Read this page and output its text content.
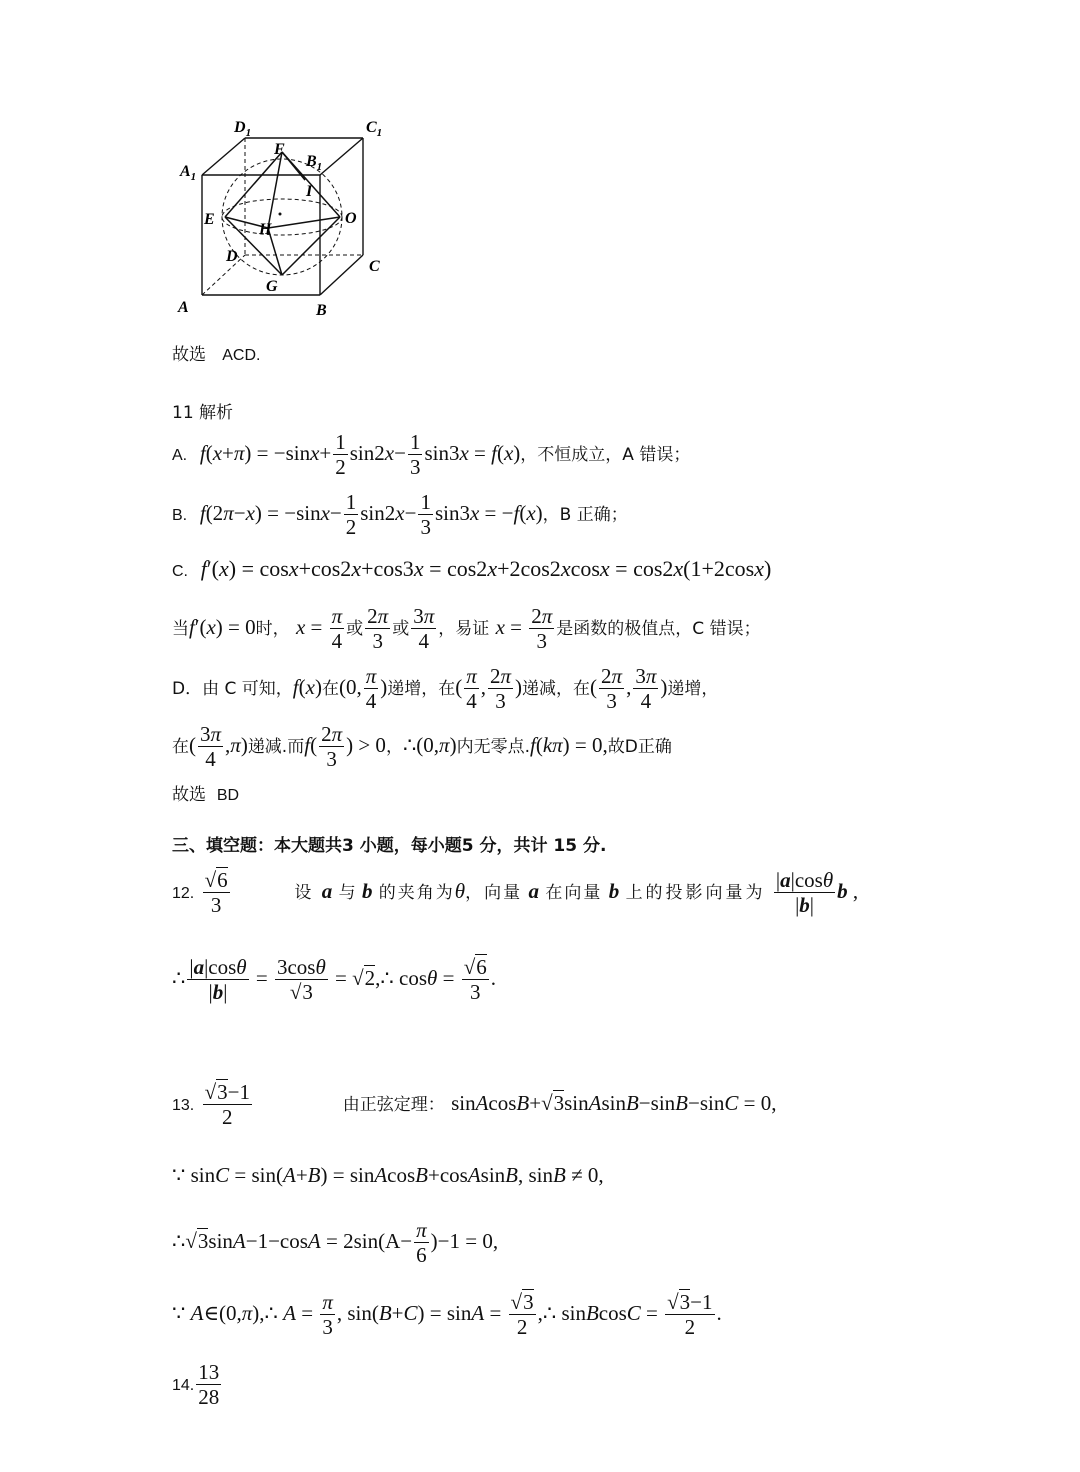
$D_1$	$C_1$
$A_1$
$B_1$
F
I
E	O
H
D
C
G
A	B
故选 ACD.
11 解析
A. $f(x+\pi) = -\sin x+ \frac{1}{2} \sin 2x- \frac{1}{3} \sin 3x = f(x)$，不恒成立，A 错误；
B. $f(2\pi-x) = -\sin x- \frac{1}{2} \sin 2x- \frac{1}{3} \sin 3x = -f(x)$，B 正确；
C. f′(x) = cosx+cos2x+cos3x = cos2x+2cos2xcosx = cos2x(1+2cosx)
当f′(x) = 0时， $x = \frac{\pi}{4}$ 或 $\frac{2\pi}{3}$ 或 $\frac{3\pi}{4}$ ，易证 $x = \frac{2\pi}{3}$ 是函数的极值点，C 错误；
D．由 C 可知，f(x)在(0, $\frac{\pi}{4}$ )递增，在( $\frac{\pi}{4}$ , $\frac{2\pi}{3}$ )递减，在( $\frac{2\pi}{3}$ , $\frac{3\pi}{4}$ )递增，
在( $\frac{3\pi}{4} ,\pi$)递减.而$f( \frac{2\pi}{3}$ ) > 0，∴(0,π)内无零点.f(kπ) = 0,故D正确
故选 BD
三、填空题：本大题共3 小题，每小题5 分，共计 15 分.
12. $\frac{√6}{3}$	设 a 与 b 的夹角为θ，向量 a 在向量 b 上的投影向量为 $\frac{|a|\cos\theta}{|b|}$ b ,
∴ $\frac{|a|\cos\theta}{|b|} = \frac{3\cos\theta}{√3}$ = √2,∴ $\cos\theta = \frac{√6}{3}$ .
13. $\frac{√3-1}{2}$	由正弦定理： sinAcosB+√3sinAsinB−sinB−sinC = 0,
∵ sinC = sin(A+B) = sinAcosB+cosAsinB, sinB ≠ 0,
∴√3sinA−1−cosA = $2\sin(A- \frac{\pi}{6} )-1 = 0$,
∵ A∈(0,π),∴ $A = \frac{\pi}{3}$ , $\sin(B+C) = \sin A = \frac{√3}{2}$ ,∴ sinBcosC = $\frac{√3-1}{2}$ .
14. $\frac{13}{28}$
